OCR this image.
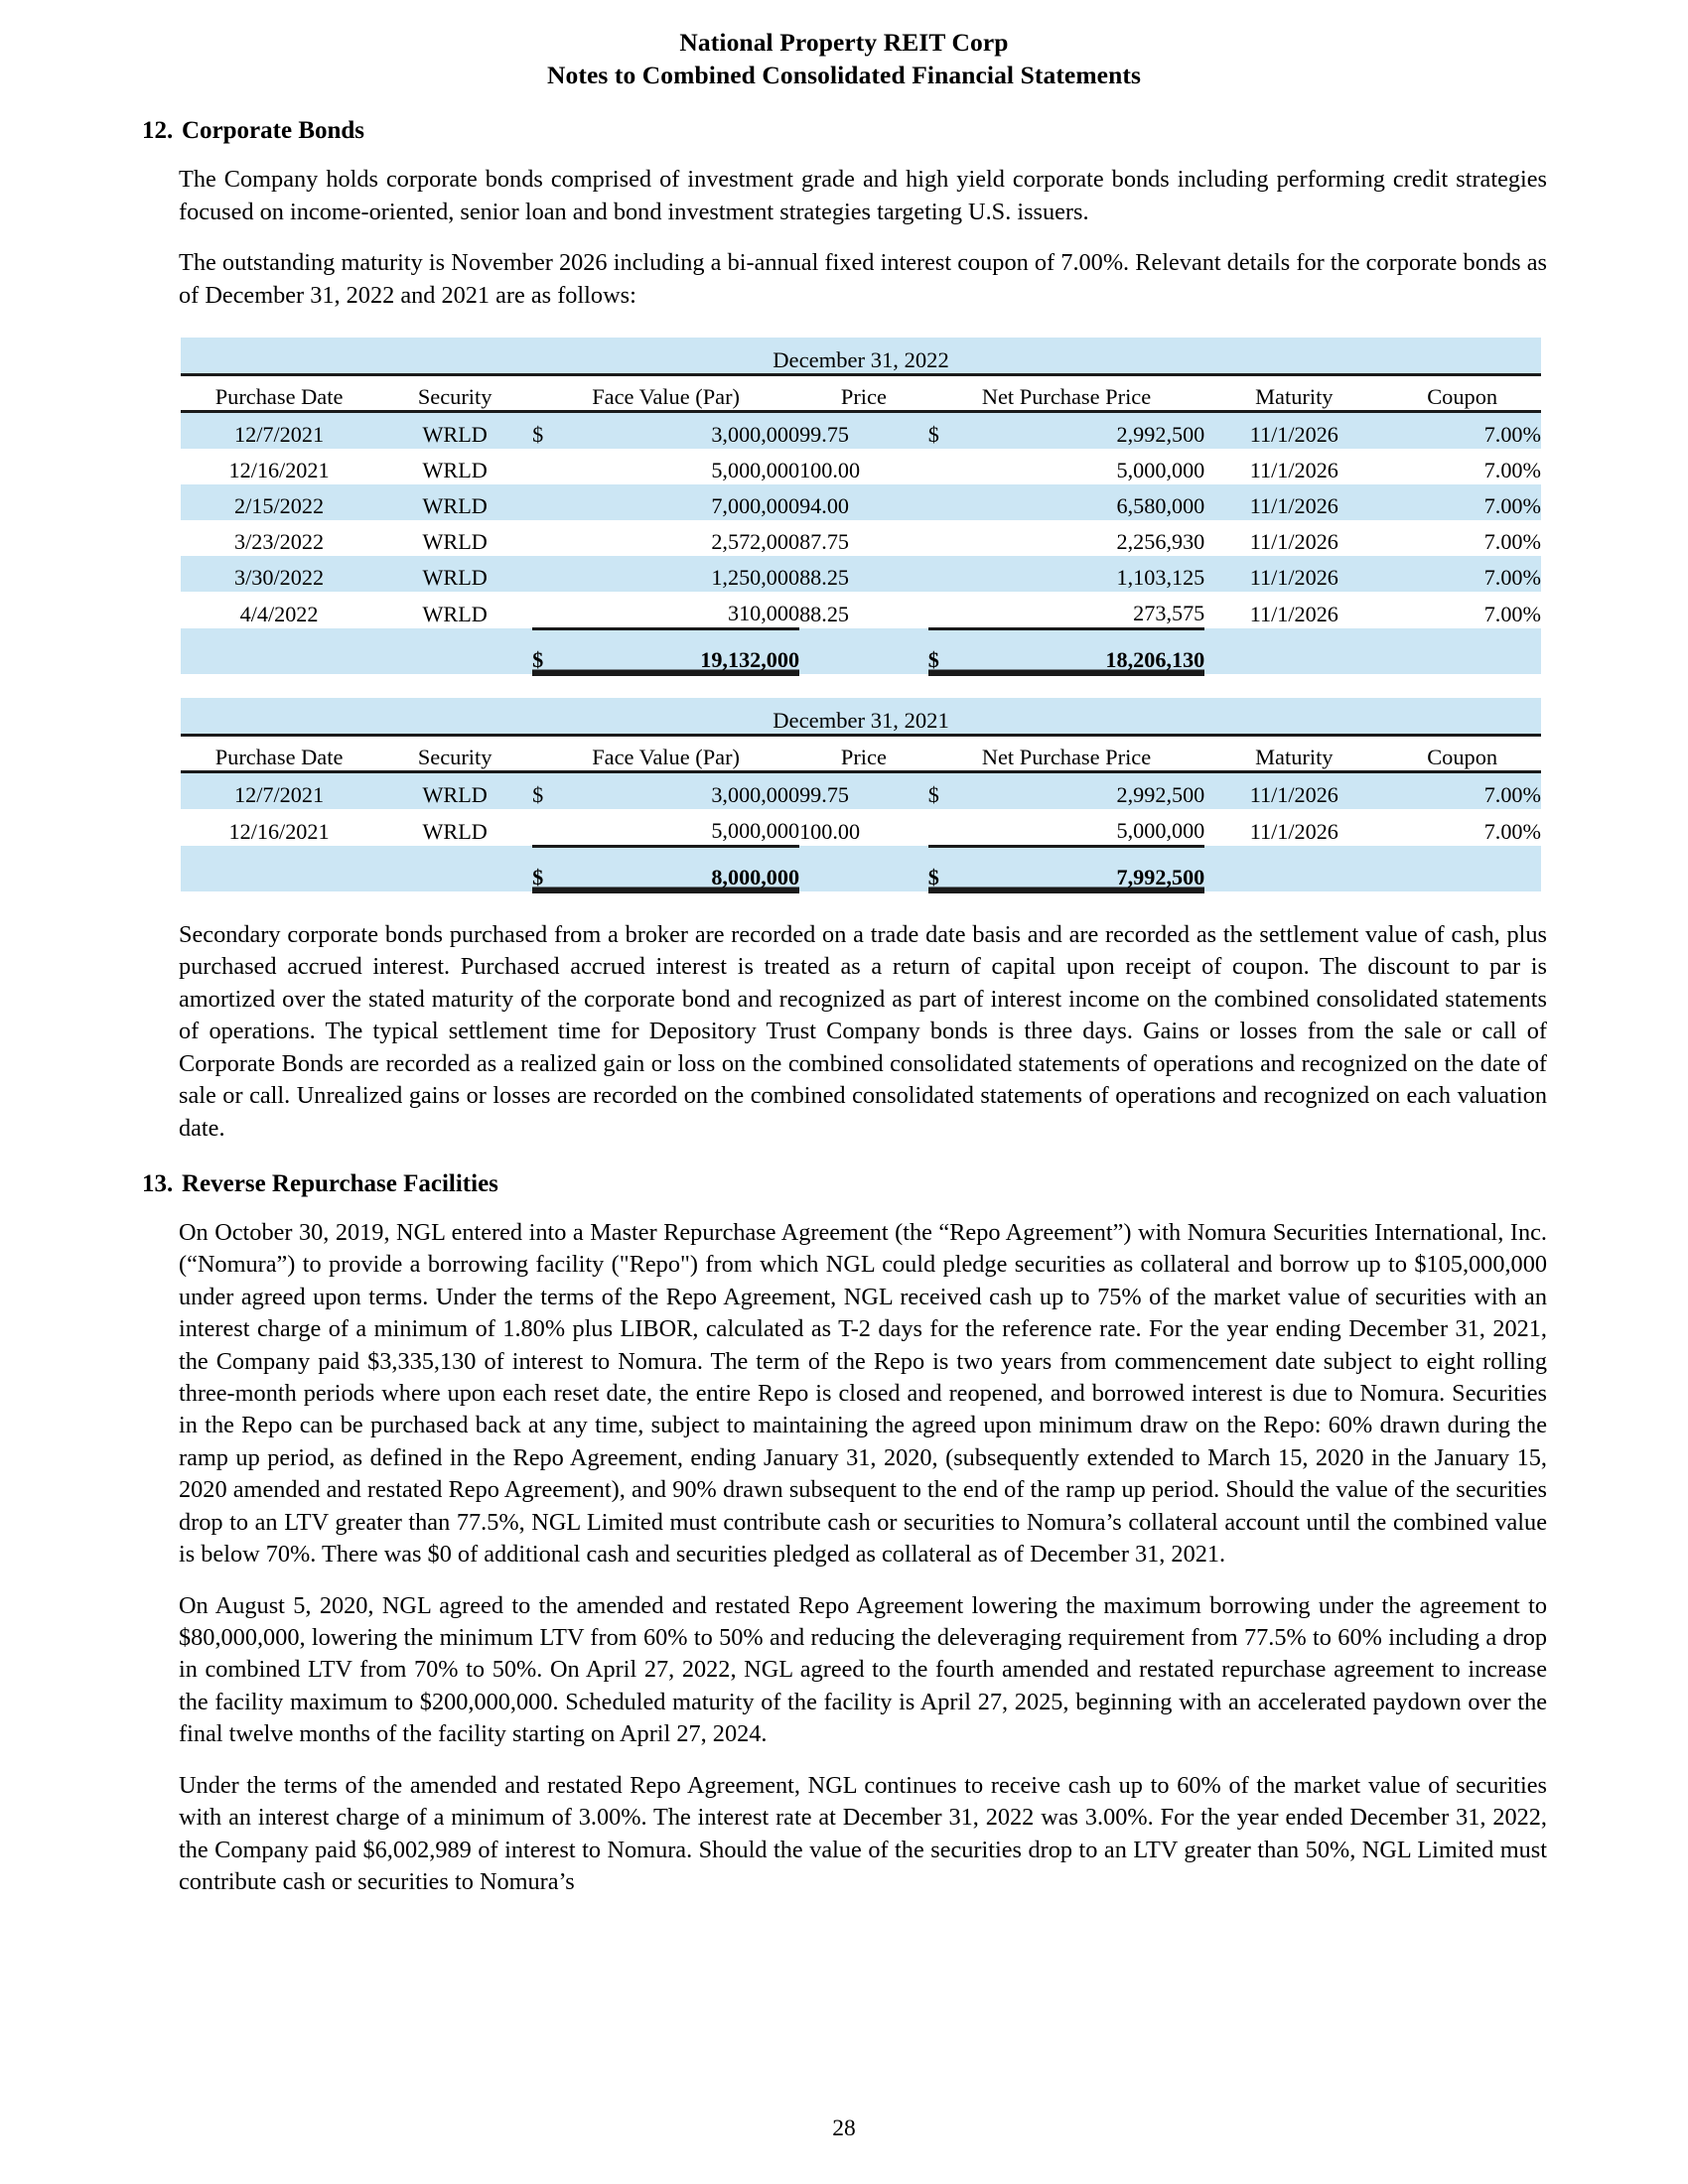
National Property REIT Corp
Notes to Combined Consolidated Financial Statements
12. Corporate Bonds

The Company holds corporate bonds comprised of investment grade and high yield corporate bonds including performing credit strategies focused on income-oriented, senior loan and bond investment strategies targeting U.S. issuers.

The outstanding maturity is November 2026 including a bi-annual fixed interest coupon of 7.00%. Relevant details for the corporate bonds as of December 31, 2022 and 2021 are as follows:

December 31, 2022								
Purchase Date	Security	Face Value (Par)		Price	Net Purchase Price		Maturity	Coupon
12/7/2021	WRLD	$	3,000,000	99.75	$	2,992,500	11/1/2026	7.00%
12/16/2021	WRLD		5,000,000	100.00		5,000,000	11/1/2026	7.00%
2/15/2022	WRLD		7,000,000	94.00		6,580,000	11/1/2026	7.00%
3/23/2022	WRLD		2,572,000	87.75		2,256,930	11/1/2026	7.00%
3/30/2022	WRLD		1,250,000	88.25		1,103,125	11/1/2026	7.00%
4/4/2022	WRLD		310,000	88.25		273,575	11/1/2026	7.00%
		$	19,132,000		$	18,206,130		
December 31, 2021								
Purchase Date	Security	Face Value (Par)		Price	Net Purchase Price		Maturity	Coupon
12/7/2021	WRLD	$	3,000,000	99.75	$	2,992,500	11/1/2026	7.00%
12/16/2021	WRLD		5,000,000	100.00		5,000,000	11/1/2026	7.00%
		$	8,000,000		$	7,992,500		

Secondary corporate bonds purchased from a broker are recorded on a trade date basis and are recorded as the settlement value of cash, plus purchased accrued interest. Purchased accrued interest is treated as a return of capital upon receipt of coupon. The discount to par is amortized over the stated maturity of the corporate bond and recognized as part of interest income on the combined consolidated statements of operations. The typical settlement time for Depository Trust Company bonds is three days. Gains or losses from the sale or call of Corporate Bonds are recorded as a realized gain or loss on the combined consolidated statements of operations and recognized on the date of sale or call. Unrealized gains or losses are recorded on the combined consolidated statements of operations and recognized on each valuation date.

13. Reverse Repurchase Facilities

On October 30, 2019, NGL entered into a Master Repurchase Agreement (the “Repo Agreement”) with Nomura Securities International, Inc. (“Nomura”) to provide a borrowing facility ("Repo") from which NGL could pledge securities as collateral and borrow up to $105,000,000 under agreed upon terms. Under the terms of the Repo Agreement, NGL received cash up to 75% of the market value of securities with an interest charge of a minimum of 1.80% plus LIBOR, calculated as T-2 days for the reference rate. For the year ending December 31, 2021, the Company paid $3,335,130 of interest to Nomura. The term of the Repo is two years from commencement date subject to eight rolling three-month periods where upon each reset date, the entire Repo is closed and reopened, and borrowed interest is due to Nomura. Securities in the Repo can be purchased back at any time, subject to maintaining the agreed upon minimum draw on the Repo: 60% drawn during the ramp up period, as defined in the Repo Agreement, ending January 31, 2020, (subsequently extended to March 15, 2020 in the January 15, 2020 amended and restated Repo Agreement), and 90% drawn subsequent to the end of the ramp up period. Should the value of the securities drop to an LTV greater than 77.5%, NGL Limited must contribute cash or securities to Nomura’s collateral account until the combined value is below 70%. There was $0 of additional cash and securities pledged as collateral as of December 31, 2021.

On August 5, 2020, NGL agreed to the amended and restated Repo Agreement lowering the maximum borrowing under the agreement to $80,000,000, lowering the minimum LTV from 60% to 50% and reducing the deleveraging requirement from 77.5% to 60% including a drop in combined LTV from 70% to 50%. On April 27, 2022, NGL agreed to the fourth amended and restated repurchase agreement to increase the facility maximum to $200,000,000. Scheduled maturity of the facility is April 27, 2025, beginning with an accelerated paydown over the final twelve months of the facility starting on April 27, 2024.

Under the terms of the amended and restated Repo Agreement, NGL continues to receive cash up to 60% of the market value of securities with an interest charge of a minimum of 3.00%. The interest rate at December 31, 2022 was 3.00%. For the year ended December 31, 2022, the Company paid $6,002,989 of interest to Nomura. Should the value of the securities drop to an LTV greater than 50%, NGL Limited must contribute cash or securities to Nomura’s

28
